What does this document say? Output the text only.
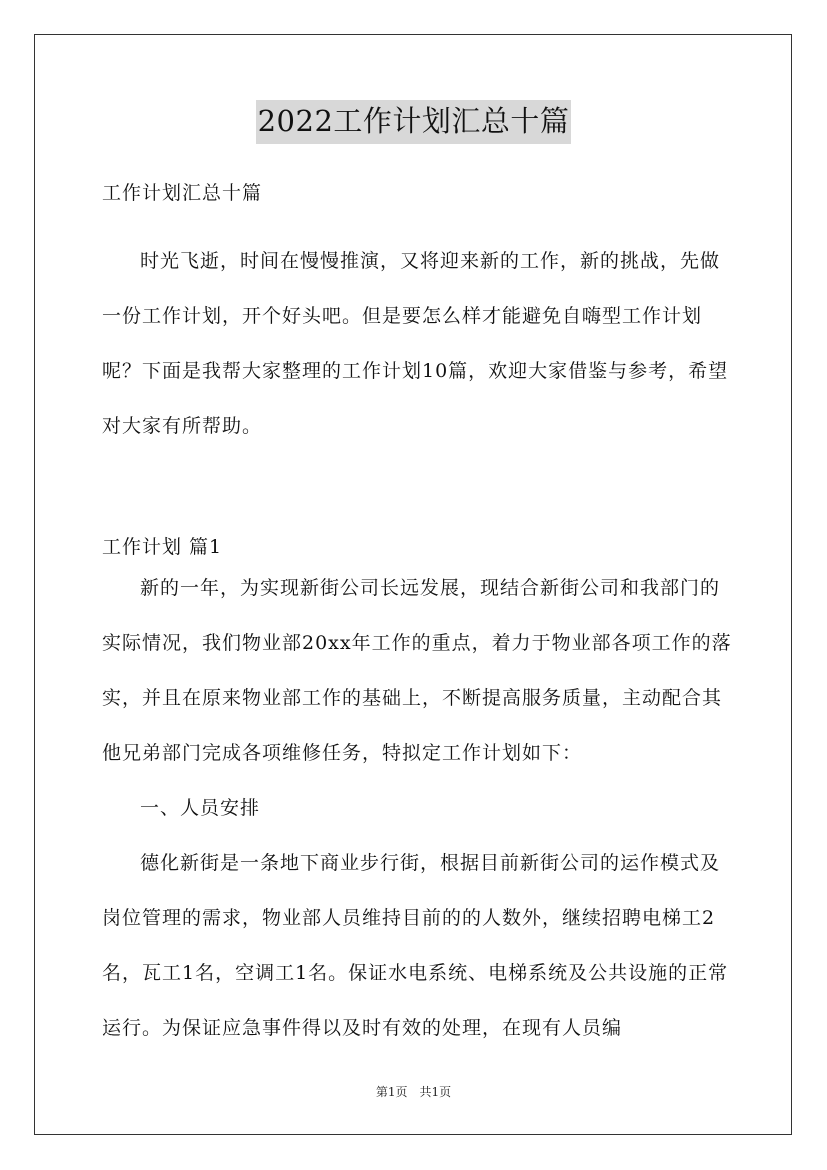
2022工作计划汇总十篇

工作计划汇总十篇

时光飞逝，时间在慢慢推演，又将迎来新的工作，新的挑战，先做一份工作计划，开个好头吧。但是要怎么样才能避免自嗨型工作计划呢？下面是我帮大家整理的工作计划10篇，欢迎大家借鉴与参考，希望对大家有所帮助。

工作计划 篇1

新的一年，为实现新街公司长远发展，现结合新街公司和我部门的实际情况，我们物业部20xx年工作的重点，着力于物业部各项工作的落实，并且在原来物业部工作的基础上，不断提高服务质量，主动配合其他兄弟部门完成各项维修任务，特拟定工作计划如下：

一、人员安排

德化新街是一条地下商业步行街，根据目前新街公司的运作模式及岗位管理的需求，物业部人员维持目前的的人数外，继续招聘电梯工2名，瓦工1名，空调工1名。保证水电系统、电梯系统及公共设施的正常运行。为保证应急事件得以及时有效的处理，在现有人员编

第1页　共1页
